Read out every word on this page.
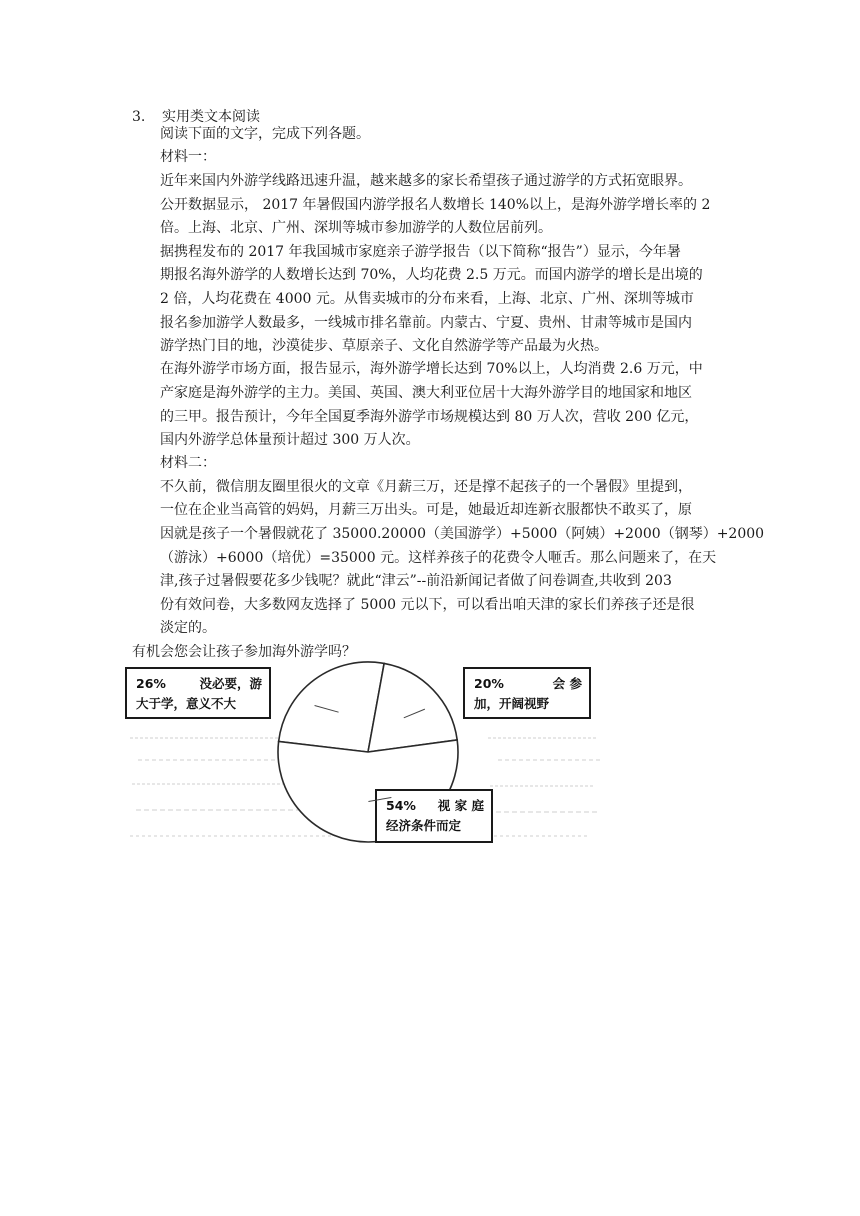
3. 实用类文本阅读
阅读下面的文字，完成下列各题。
材料一：
近年来国内外游学线路迅速升温，越来越多的家长希望孩子通过游学的方式拓宽眼界。
公开数据显示， 2017 年暑假国内游学报名人数增长 140%以上，是海外游学增长率的 2
倍。上海、北京、广州、深圳等城市参加游学的人数位居前列。
据携程发布的 2017 年我国城市家庭亲子游学报告（以下简称“报告”）显示，今年暑
期报名海外游学的人数增长达到 70%，人均花费 2.5 万元。而国内游学的增长是出境的
2 倍，人均花费在 4000 元。从售卖城市的分布来看，上海、北京、广州、深圳等城市
报名参加游学人数最多，一线城市排名靠前。内蒙古、宁夏、贵州、甘肃等城市是国内
游学热门目的地，沙漠徒步、草原亲子、文化自然游学等产品最为火热。
在海外游学市场方面，报告显示，海外游学增长达到 70%以上，人均消费 2.6 万元，中
产家庭是海外游学的主力。美国、英国、澳大利亚位居十大海外游学目的地国家和地区
的三甲。报告预计，今年全国夏季海外游学市场规模达到 80 万人次，营收 200 亿元，
国内外游学总体量预计超过 300 万人次。
材料二：
不久前，微信朋友圈里很火的文章《月薪三万，还是撑不起孩子的一个暑假》里提到，
一位在企业当高管的妈妈，月薪三万出头。可是，她最近却连新衣服都快不敢买了，原
因就是孩子一个暑假就花了 35000.20000（美国游学）+5000（阿姨）+2000（钢琴）+2000
（游泳）+6000（培优）=35000 元。这样养孩子的花费令人咂舌。那么问题来了，在天
津,孩子过暑假要花多少钱呢？就此“津云”--前沿新闻记者做了问卷调查,共收到 203
份有效问卷，大多数网友选择了 5000 元以下，可以看出咱天津的家长们养孩子还是很
淡定的。
有机会您会让孩子参加海外游学吗？
26%	没必要，游
大于学，意义不大
20%	会 参
加，开阔视野
54% 视 家 庭
经济条件而定
